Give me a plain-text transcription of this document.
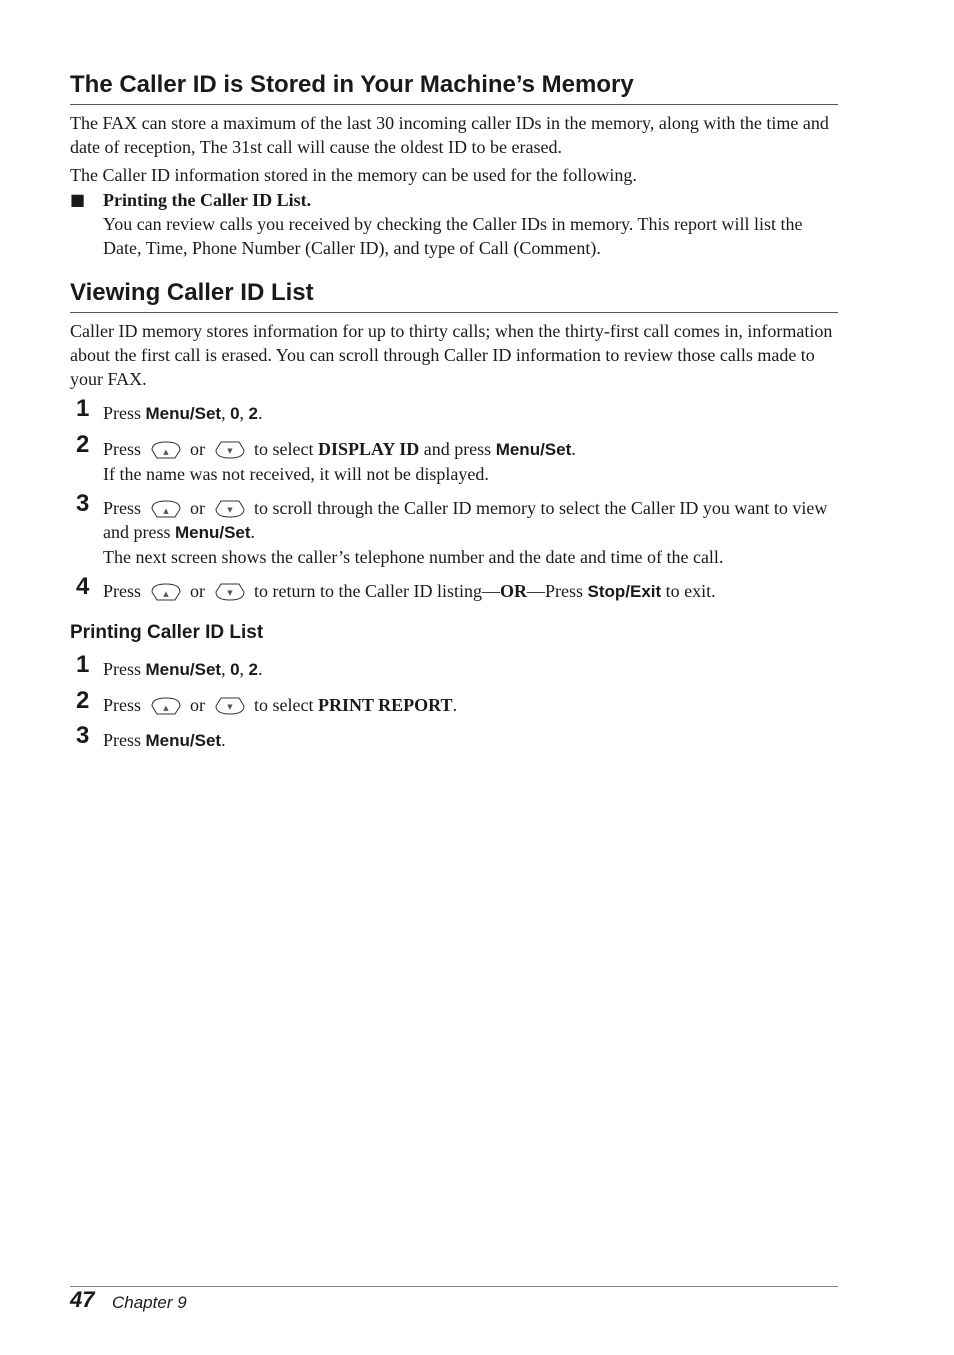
The Caller ID is Stored in Your Machine’s Memory

The FAX can store a maximum of the last 30 incoming caller IDs in the memory, along with the time and date of reception, The 31st call will cause the oldest ID to be erased.

The Caller ID information stored in the memory can be used for the following.

■ Printing the Caller ID List.
You can review calls you received by checking the Caller IDs in memory. This report will list the Date, Time, Phone Number (Caller ID), and type of Call (Comment).
Viewing Caller ID List

Caller ID memory stores information for up to thirty calls; when the thirty-first call comes in, information about the first call is erased. You can scroll through Caller ID information to review those calls made to your FAX.

1 Press Menu/Set, 0, 2.
2 Press	▲ or	▼ to select DISPLAY ID and press Menu/Set.
If the name was not received, it will not be displayed.
3 Press	▲ or	▼ to scroll through the Caller ID memory to select the Caller ID you want to view and press Menu/Set.
The next screen shows the caller’s telephone number and the date and time of the call.
4 Press	▲ or	▼ to return to the Caller ID listing—OR—Press Stop/Exit to exit.
Printing Caller ID List
1 Press Menu/Set, 0, 2.
2 Press	▲ or	▼ to select PRINT REPORT.
3 Press Menu/Set.
47 Chapter 9
